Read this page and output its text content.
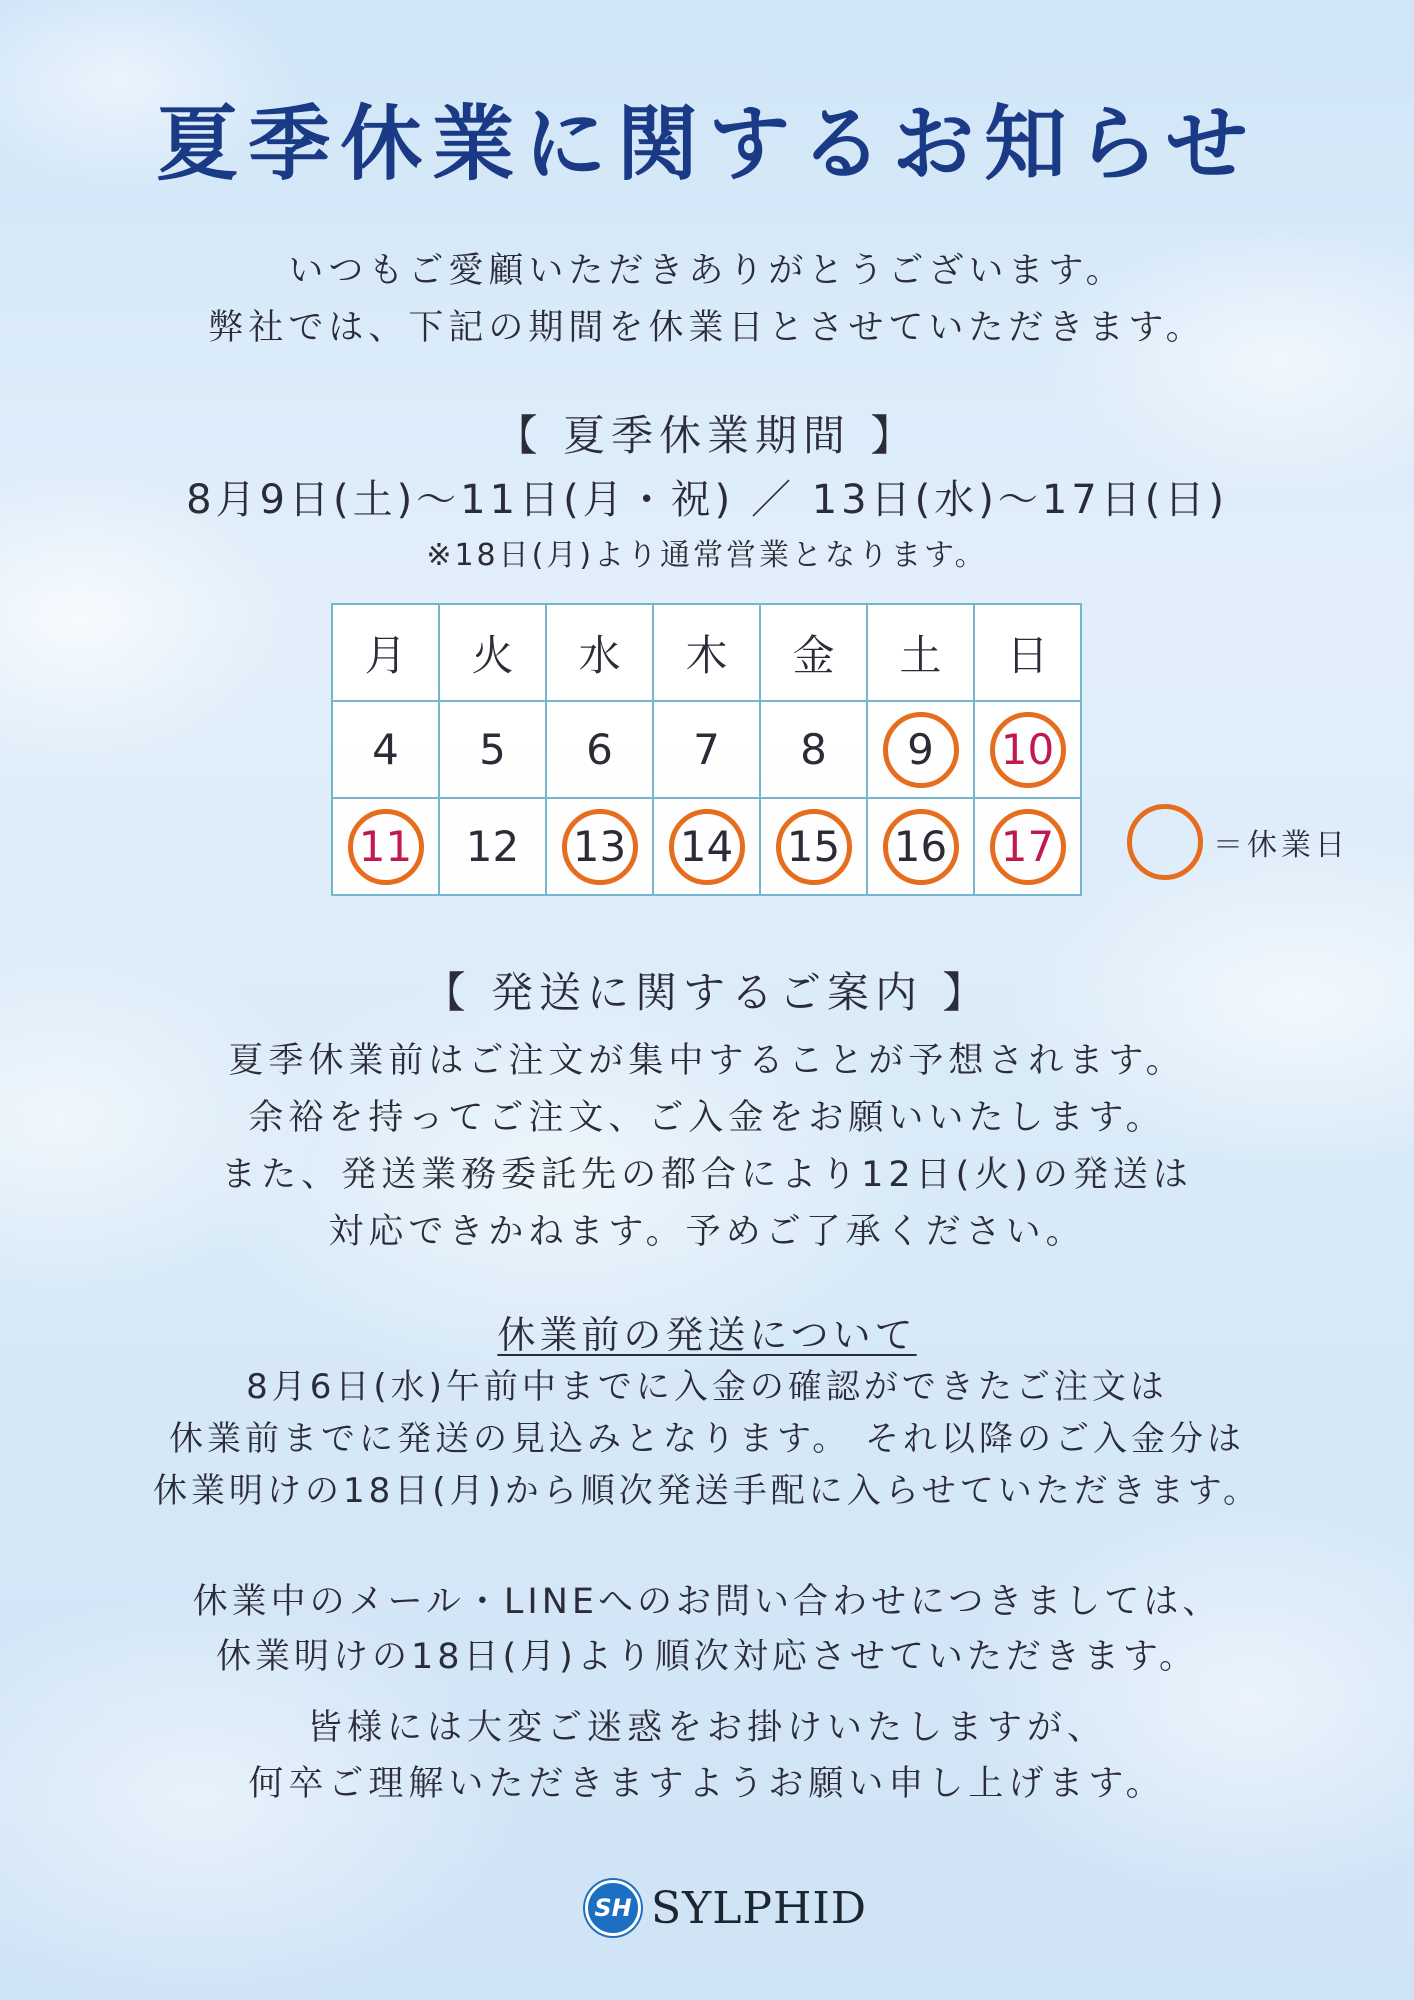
夏季休業に関するお知らせ
いつもご愛顧いただきありがとうございます。
弊社では、下記の期間を休業日とさせていただきます。
【 夏季休業期間 】
8月9日(土)～11日(月・祝) ／ 13日(水)～17日(日)
※18日(月)より通常営業となります。
月	火	水	木	金	土	日
4	5	6	7	8	9	10
11	12	13	14	15	16	17	＝休業日
【 発送に関するご案内 】
夏季休業前はご注文が集中することが予想されます。
余裕を持ってご注文、ご入金をお願いいたします。
また、発送業務委託先の都合により12日(火)の発送は
対応できかねます。予めご了承ください。
休業前の発送について
8月6日(水)午前中までに入金の確認ができたご注文は
休業前までに発送の見込みとなります。 それ以降のご入金分は
休業明けの18日(月)から順次発送手配に入らせていただきます。
休業中のメール・LINEへのお問い合わせにつきましては、
休業明けの18日(月)より順次対応させていただきます。
皆様には大変ご迷惑をお掛けいたしますが、
何卒ご理解いただきますようお願い申し上げます。
SH SYLPHID
